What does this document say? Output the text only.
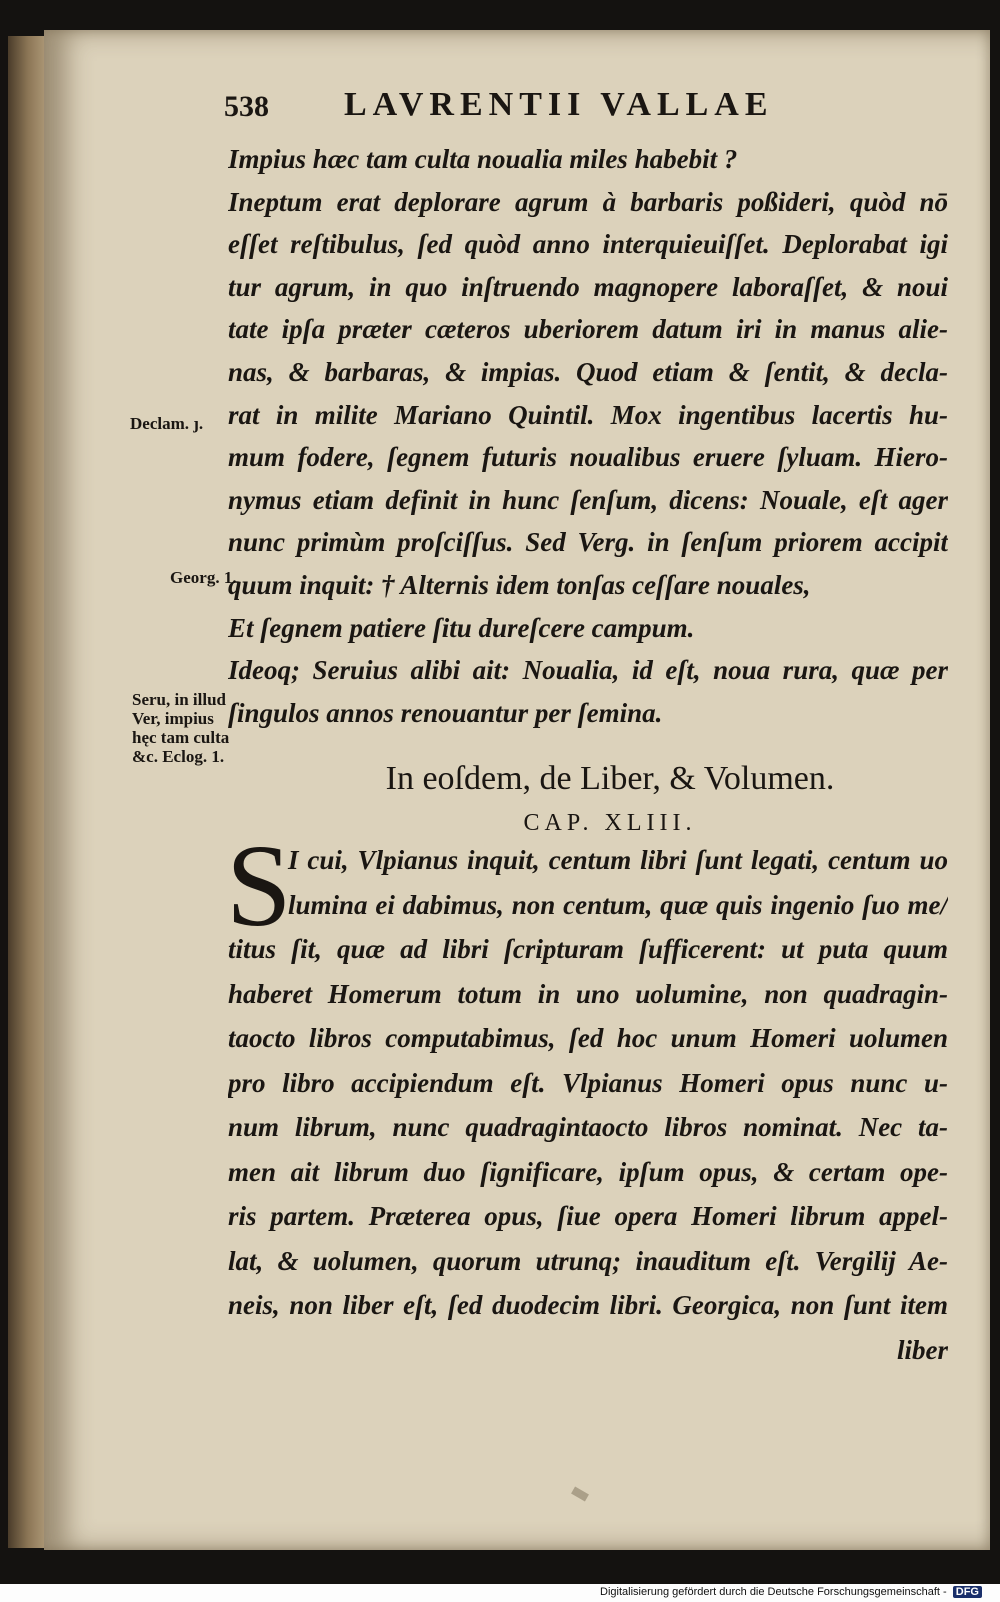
538 LAVRENTII VALLAE
Impius hæc tam culta noualia miles habebit ?
Ineptum erat deplorare agrum à barbaris poßideri, quòd nō
eſſet reſtibulus, ſed quòd anno interquieuiſſet. Deplorabat igi
tur agrum, in quo inſtruendo magnopere laboraſſet, & noui
tate ipſa præter cæteros uberiorem datum iri in manus alie-
nas, & barbaras, & impias. Quod etiam & ſentit, & decla-
rat in milite Mariano Quintil. Mox ingentibus lacertis hu-
mum fodere, ſegnem futuris noualibus eruere ſyluam. Hiero-
nymus etiam definit in hunc ſenſum, dicens: Nouale, eſt ager
nunc primùm proſciſſus. Sed Verg. in ſenſum priorem accipit
quum inquit: † Alternis idem tonſas ceſſare nouales,
Et ſegnem patiere ſitu dureſcere campum.
Ideoq; Seruius alibi ait: Noualia, id eſt, noua rura, quæ per
ſingulos annos renouantur per ſemina.
Declam. ȷ.
Georg. 1.
Seru, in illud
Ver, impius
hęc tam culta
&c. Eclog. 1.
In eoſdem, de Liber, & Volumen.
CAP. XLIII.
S
I cui, Vlpianus inquit, centum libri ſunt legati, centum uo
lumina ei dabimus, non centum, quæ quis ingenio ſuo me/
titus ſit, quæ ad libri ſcripturam ſufficerent: ut puta quum
haberet Homerum totum in uno uolumine, non quadragin-
taocto libros computabimus, ſed hoc unum Homeri uolumen
pro libro accipiendum eſt. Vlpianus Homeri opus nunc u-
num librum, nunc quadragintaocto libros nominat. Nec ta-
men ait librum duo ſignificare, ipſum opus, & certam ope-
ris partem. Præterea opus, ſiue opera Homeri librum appel-
lat, & uolumen, quorum utrunq; inauditum eſt. Vergilij Ae-
neis, non liber eſt, ſed duodecim libri. Georgica, non ſunt item
liber
Digitalisierung gefördert durch die Deutsche Forschungsgemeinschaft - DFG
